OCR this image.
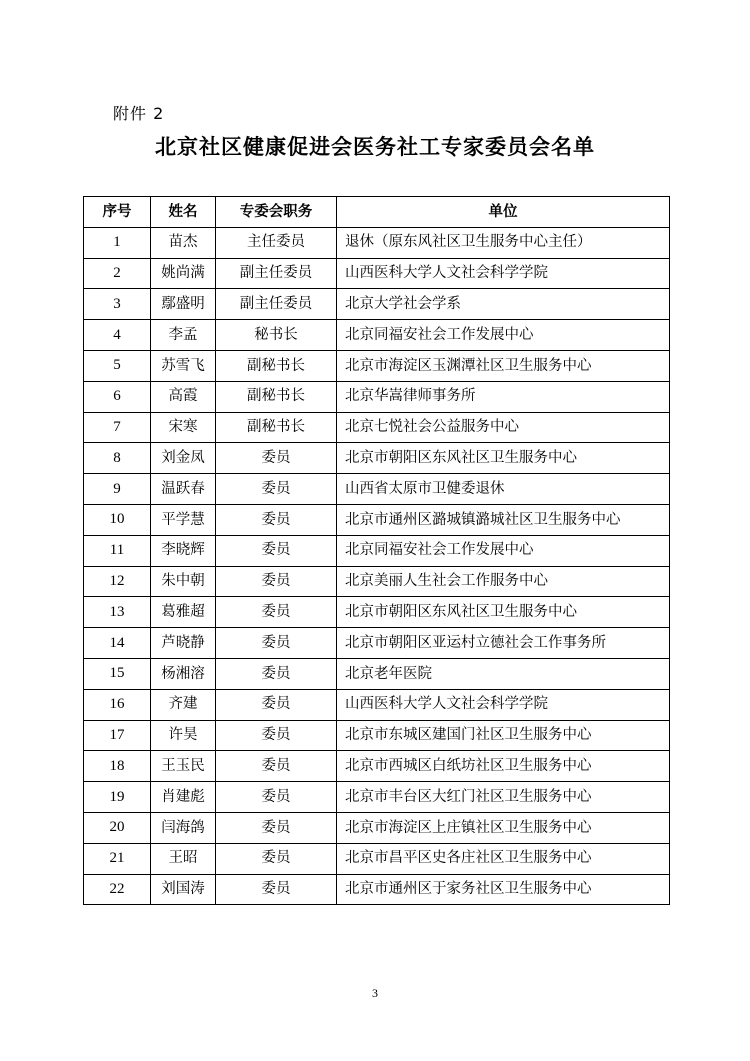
附件 2
北京社区健康促进会医务社工专家委员会名单
序号	姓名	专委会职务	单位
1	苗杰	主任委员	退休（原东风社区卫生服务中心主任）
2	姚尚满	副主任委员	山西医科大学人文社会科学学院
3	鄢盛明	副主任委员	北京大学社会学系
4	李孟	秘书长	北京同福安社会工作发展中心
5	苏雪飞	副秘书长	北京市海淀区玉渊潭社区卫生服务中心
6	高霞	副秘书长	北京华嵩律师事务所
7	宋寒	副秘书长	北京七悦社会公益服务中心
8	刘金凤	委员	北京市朝阳区东风社区卫生服务中心
9	温跃春	委员	山西省太原市卫健委退休
10	平学慧	委员	北京市通州区潞城镇潞城社区卫生服务中心
11	李晓辉	委员	北京同福安社会工作发展中心
12	朱中朝	委员	北京美丽人生社会工作服务中心
13	葛雅超	委员	北京市朝阳区东风社区卫生服务中心
14	芦晓静	委员	北京市朝阳区亚运村立德社会工作事务所
15	杨湘溶	委员	北京老年医院
16	齐建	委员	山西医科大学人文社会科学学院
17	许昊	委员	北京市东城区建国门社区卫生服务中心
18	王玉民	委员	北京市西城区白纸坊社区卫生服务中心
19	肖建彪	委员	北京市丰台区大红门社区卫生服务中心
20	闫海鸽	委员	北京市海淀区上庄镇社区卫生服务中心
21	王昭	委员	北京市昌平区史各庄社区卫生服务中心
22	刘国涛	委员	北京市通州区于家务社区卫生服务中心
3
